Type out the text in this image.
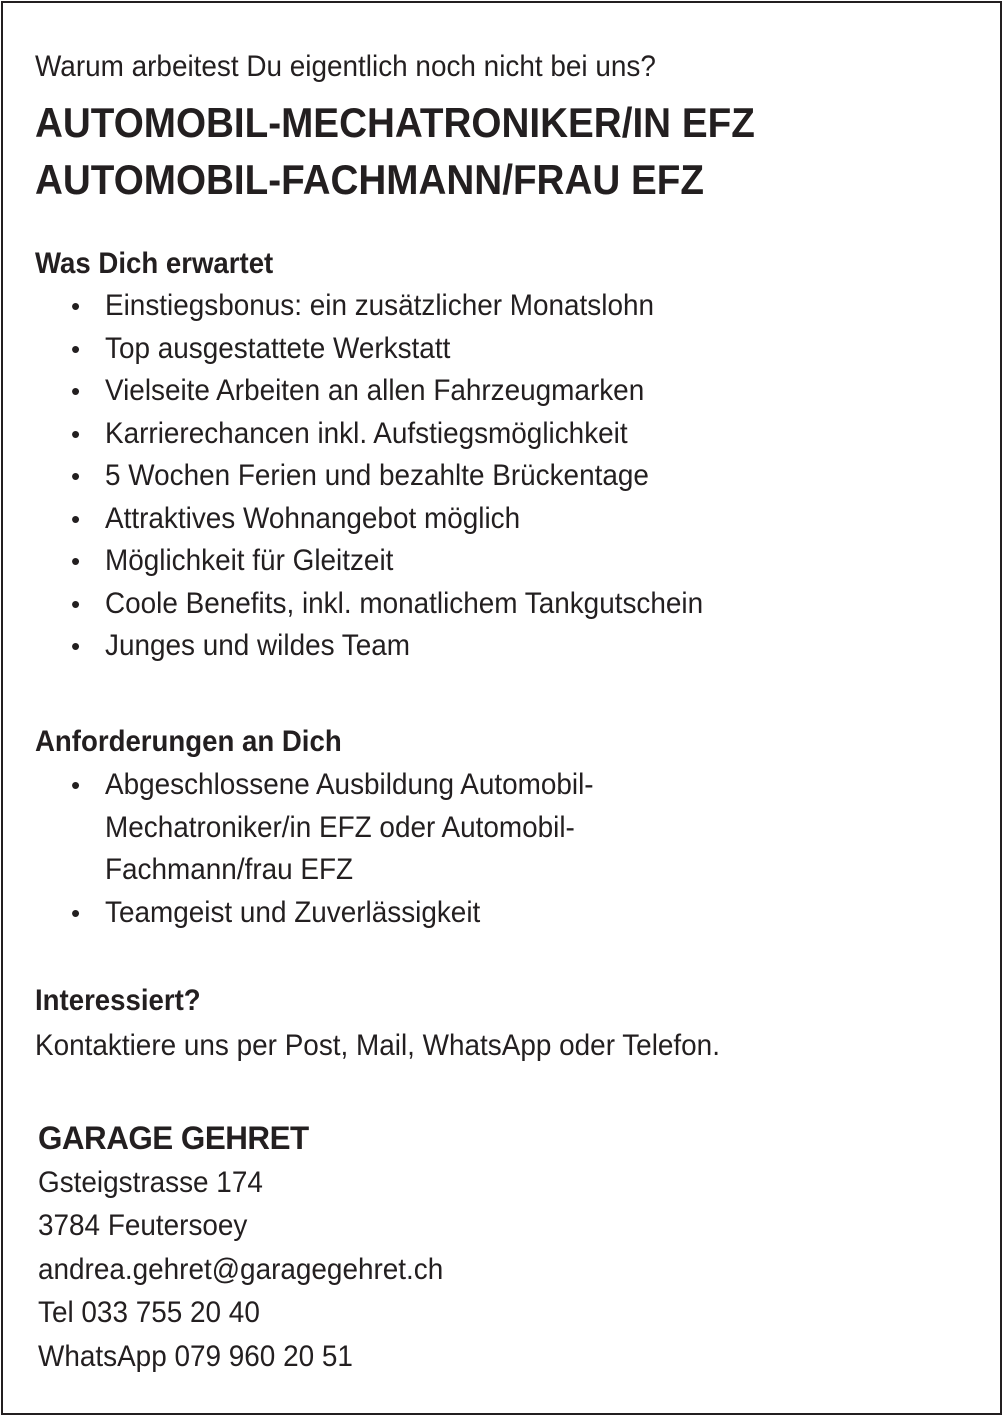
Warum arbeitest Du eigentlich noch nicht bei uns?
AUTOMOBIL-MECHATRONIKER/IN EFZ
AUTOMOBIL-FACHMANN/FRAU EFZ
Was Dich erwartet
• Einstiegsbonus: ein zusätzlicher Monatslohn
• Top ausgestattete Werkstatt
• Vielseite Arbeiten an allen Fahrzeugmarken
• Karrierechancen inkl. Aufstiegsmöglichkeit
• 5 Wochen Ferien und bezahlte Brückentage
• Attraktives Wohnangebot möglich
• Möglichkeit für Gleitzeit
• Coole Benefits, inkl. monatlichem Tankgutschein
• Junges und wildes Team
Anforderungen an Dich
• Abgeschlossene Ausbildung Automobil-
Mechatroniker/in EFZ oder Automobil-
Fachmann/frau EFZ
• Teamgeist und Zuverlässigkeit
Interessiert?
Kontaktiere uns per Post, Mail, WhatsApp oder Telefon.
GARAGE GEHRET
Gsteigstrasse 174
3784 Feutersoey
andrea.gehret@garagegehret.ch
Tel 033 755 20 40
WhatsApp 079 960 20 51
